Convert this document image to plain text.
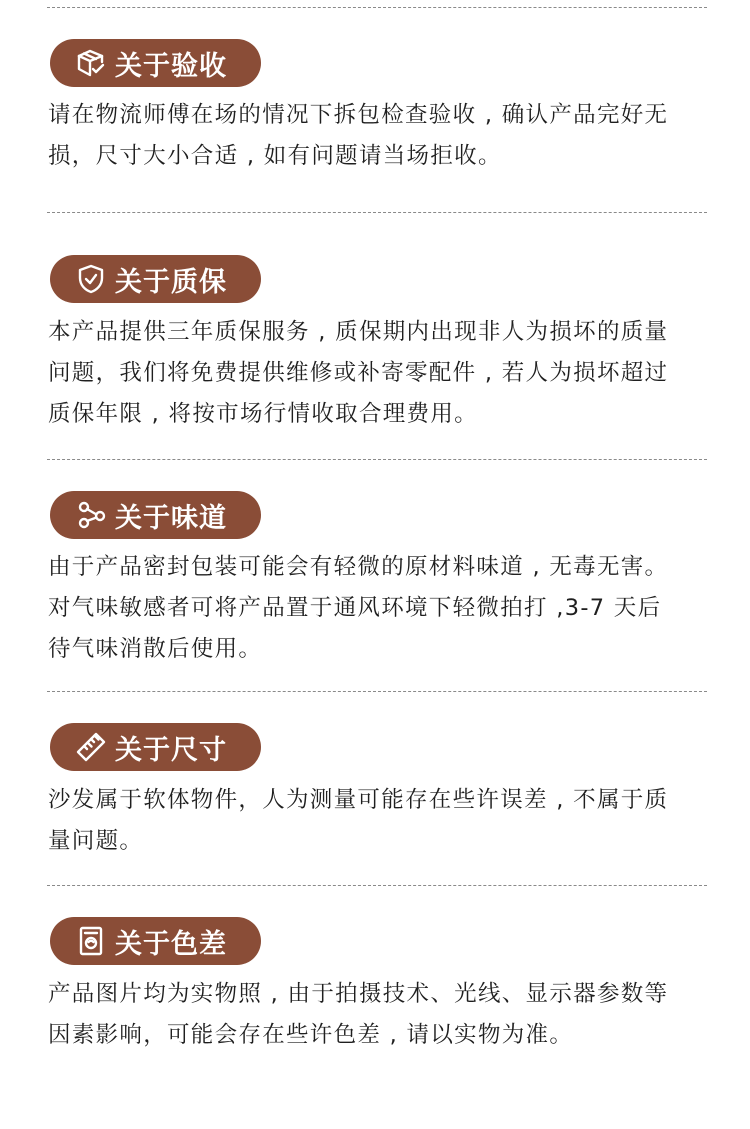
关于验收

请在物流师傅在场的情况下拆包检查验收 , 确认产品完好无
损，尺寸大小合适 , 如有问题请当场拒收。

关于质保

本产品提供三年质保服务 , 质保期内出现非人为损坏的质量
问题，我们将免费提供维修或补寄零配件 , 若人为损坏超过
质保年限 , 将按市场行情收取合理费用。

关于味道

由于产品密封包装可能会有轻微的原材料味道 , 无毒无害。
对气味敏感者可将产品置于通风环境下轻微拍打 ,3-7 天后
待气味消散后使用。

关于尺寸

沙发属于软体物件，人为测量可能存在些许误差 , 不属于质
量问题。

关于色差

产品图片均为实物照 , 由于拍摄技术、光线、显示器参数等
因素影响，可能会存在些许色差 , 请以实物为准。
